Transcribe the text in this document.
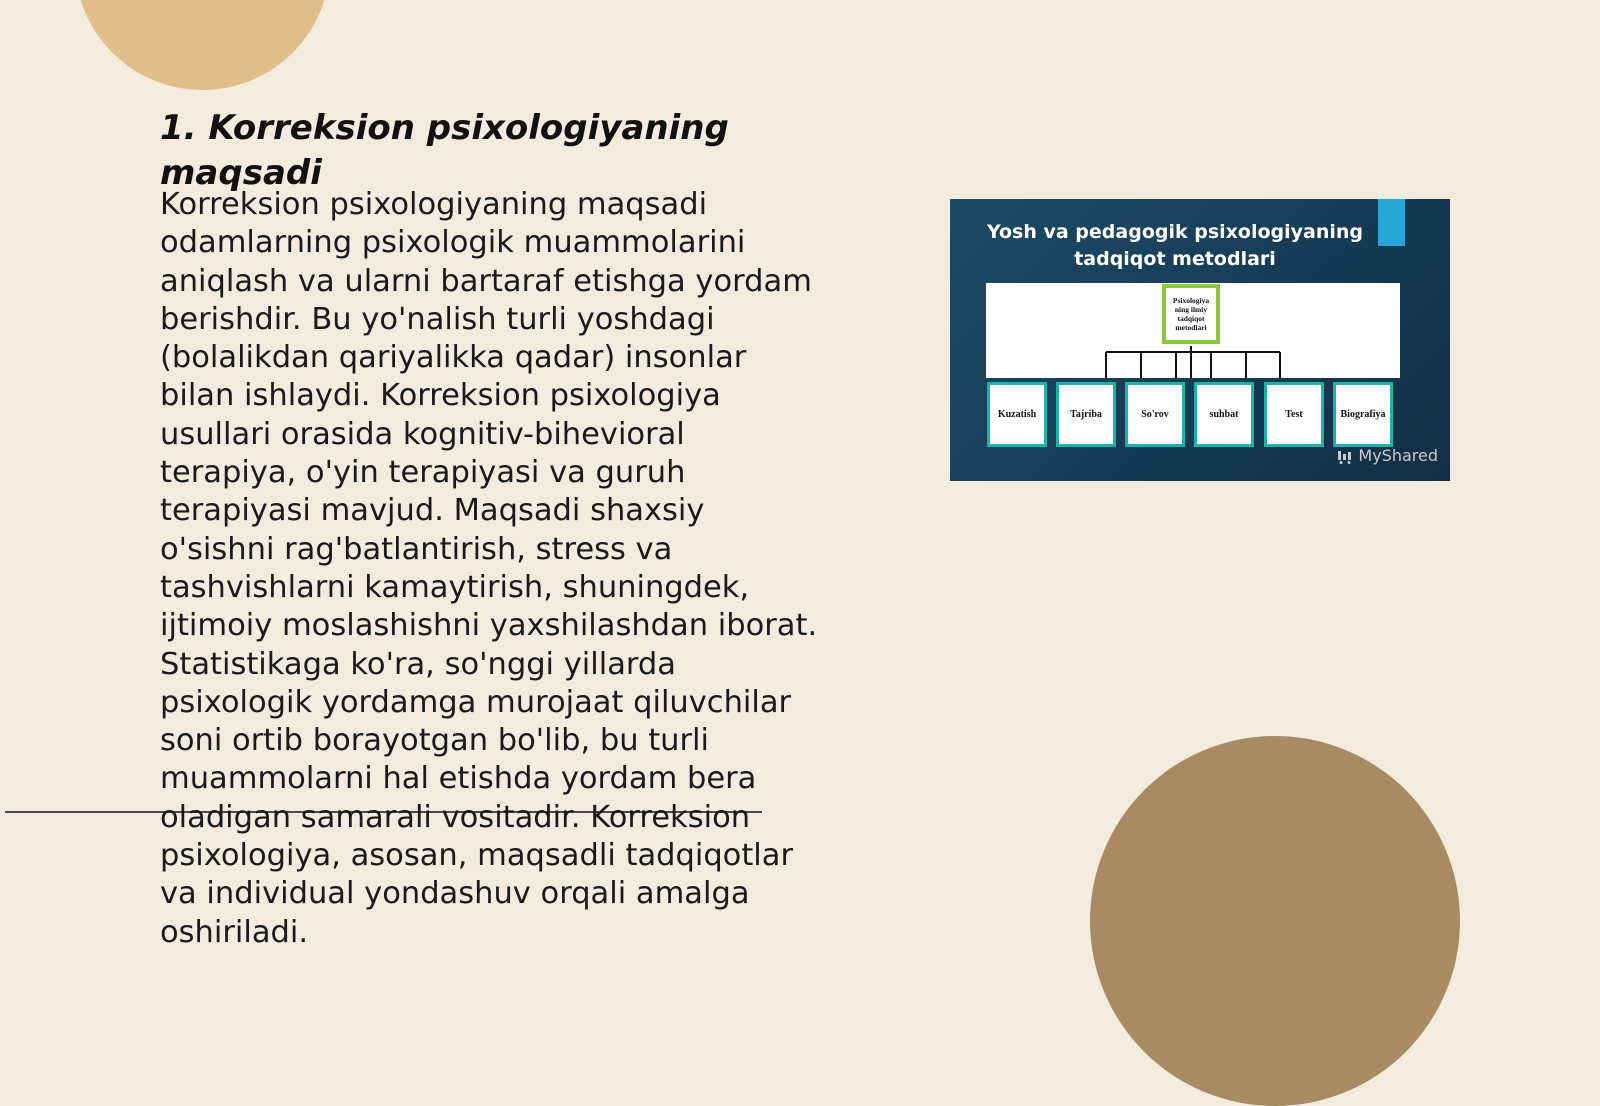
1. Korreksion psixologiyaning maqsadi

Korreksion psixologiyaning maqsadi odamlarning psixologik muammolarini aniqlash va ularni bartaraf etishga yordam berishdir. Bu yo'nalish turli yoshdagi (bolalikdan qariyalikka qadar) insonlar bilan ishlaydi. Korreksion psixologiya usullari orasida kognitiv-bihevioral terapiya, o'yin terapiyasi va guruh terapiyasi mavjud. Maqsadi shaxsiy o'sishni rag'batlantirish, stress va tashvishlarni kamaytirish, shuningdek, ijtimoiy moslashishni yaxshilashdan iborat. Statistikaga ko'ra, so'nggi yillarda psixologik yordamga murojaat qiluvchilar soni ortib borayotgan bo'lib, bu turli muammolarni hal etishda yordam bera oladigan samarali vositadir. Korreksion psixologiya, asosan, maqsadli tadqiqotlar va individual yondashuv orqali amalga oshiriladi.

Yosh va pedagogik psixologiyaning tadqiqot metodlari
Psixologiya ning ilmiy tadqiqot metodlari
Kuzatish	Tajriba	So'rov	suhbat	Test	Biografiya
MyShared
